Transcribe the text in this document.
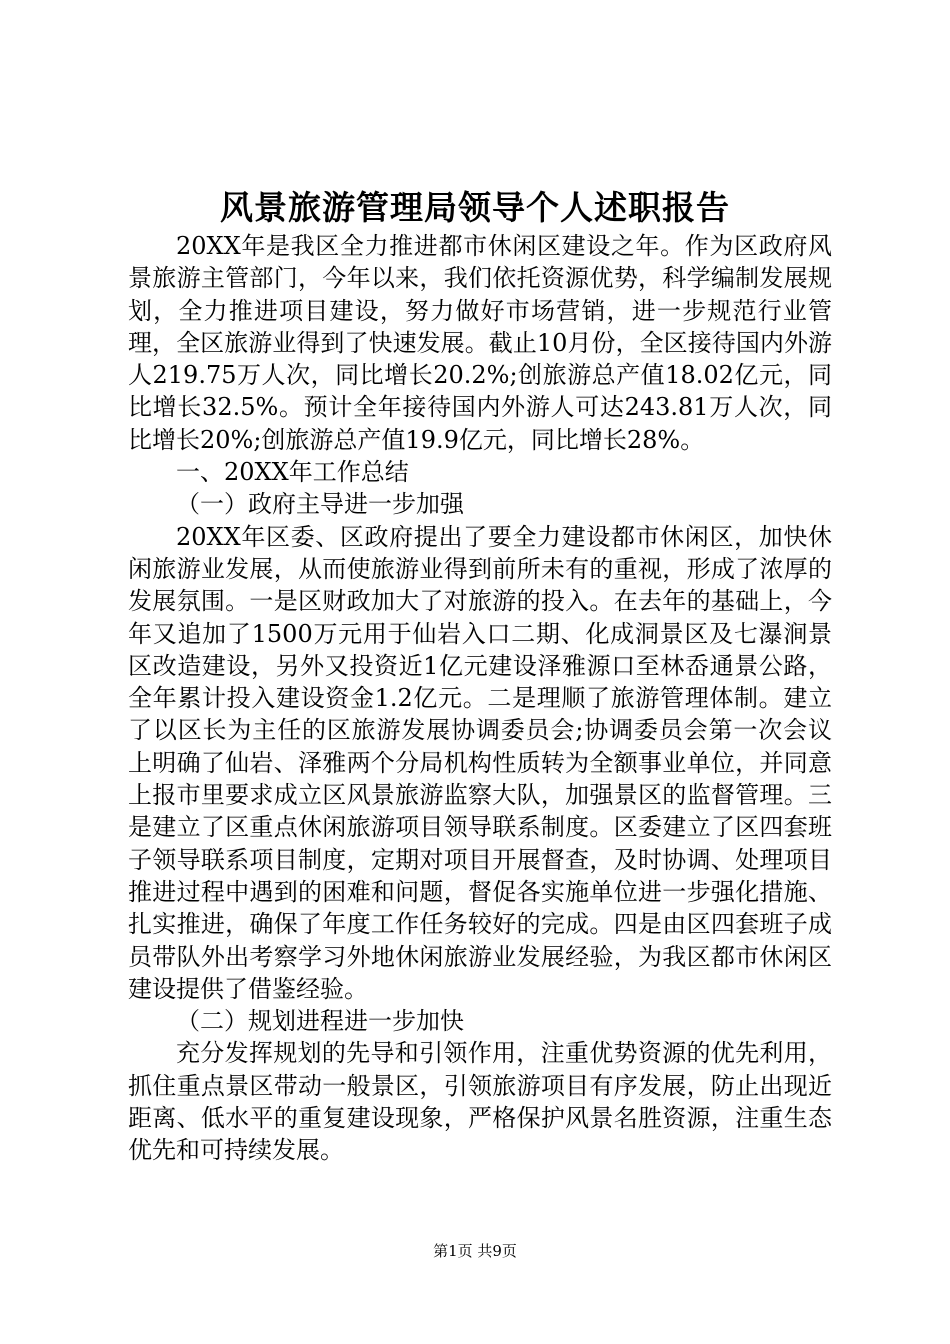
风景旅游管理局领导个人述职报告

20XX年是我区全力推进都市休闲区建设之年。作为区政府风景旅游主管部门，今年以来，我们依托资源优势，科学编制发展规划，全力推进项目建设，努力做好市场营销，进一步规范行业管理，全区旅游业得到了快速发展。截止10月份，全区接待国内外游人219.75万人次，同比增长20.2%;创旅游总产值18.02亿元，同比增长32.5%。预计全年接待国内外游人可达243.81万人次，同比增长20%;创旅游总产值19.9亿元，同比增长28%。

一、20XX年工作总结

（一）政府主导进一步加强

20XX年区委、区政府提出了要全力建设都市休闲区，加快休闲旅游业发展，从而使旅游业得到前所未有的重视，形成了浓厚的发展氛围。一是区财政加大了对旅游的投入。在去年的基础上，今年又追加了1500万元用于仙岩入口二期、化成洞景区及七瀑涧景区改造建设，另外又投资近1亿元建设泽雅源口至林岙通景公路，全年累计投入建设资金1.2亿元。二是理顺了旅游管理体制。建立了以区长为主任的区旅游发展协调委员会;协调委员会第一次会议上明确了仙岩、泽雅两个分局机构性质转为全额事业单位，并同意上报市里要求成立区风景旅游监察大队，加强景区的监督管理。三是建立了区重点休闲旅游项目领导联系制度。区委建立了区四套班子领导联系项目制度，定期对项目开展督查，及时协调、处理项目推进过程中遇到的困难和问题，督促各实施单位进一步强化措施、扎实推进，确保了年度工作任务较好的完成。四是由区四套班子成员带队外出考察学习外地休闲旅游业发展经验，为我区都市休闲区建设提供了借鉴经验。

（二）规划进程进一步加快

充分发挥规划的先导和引领作用，注重优势资源的优先利用，抓住重点景区带动一般景区，引领旅游项目有序发展，防止出现近距离、低水平的重复建设现象，严格保护风景名胜资源，注重生态优先和可持续发展。

第1页 共9页
